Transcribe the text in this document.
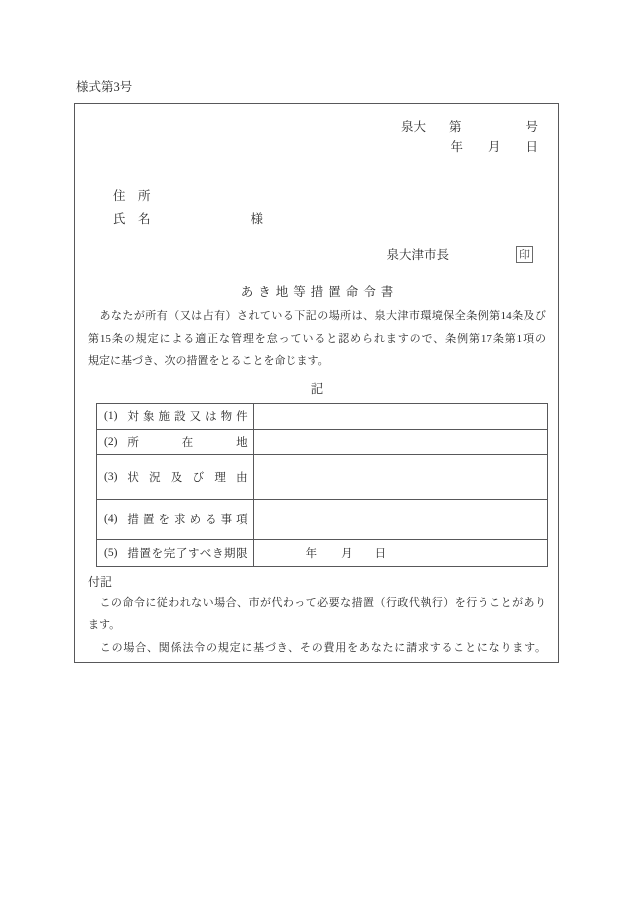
様式第3号
泉大 第	号
年 月 日
住　所
氏　名	様
泉大津市長	印
あき地等措置命令書
　あなたが所有（又は占有）されている下記の場所は、泉大津市環境保全条例第14条及び
第15条の規定による適正な管理を怠っていると認められますので、条例第17条第1項の
規定に基づき、次の措置をとることを命じます。
記
(1) 対象施設又は物件	

(2) 所在地	

(3) 状況及び理由	

(4) 措置を求める事項	

(5) 措置を完了すべき期限	年 月 日
付記
　この命令に従われない場合、市が代わって必要な措置（行政代執行）を行うことがあり
ます。
　この場合、関係法令の規定に基づき、その費用をあなたに請求することになります。
